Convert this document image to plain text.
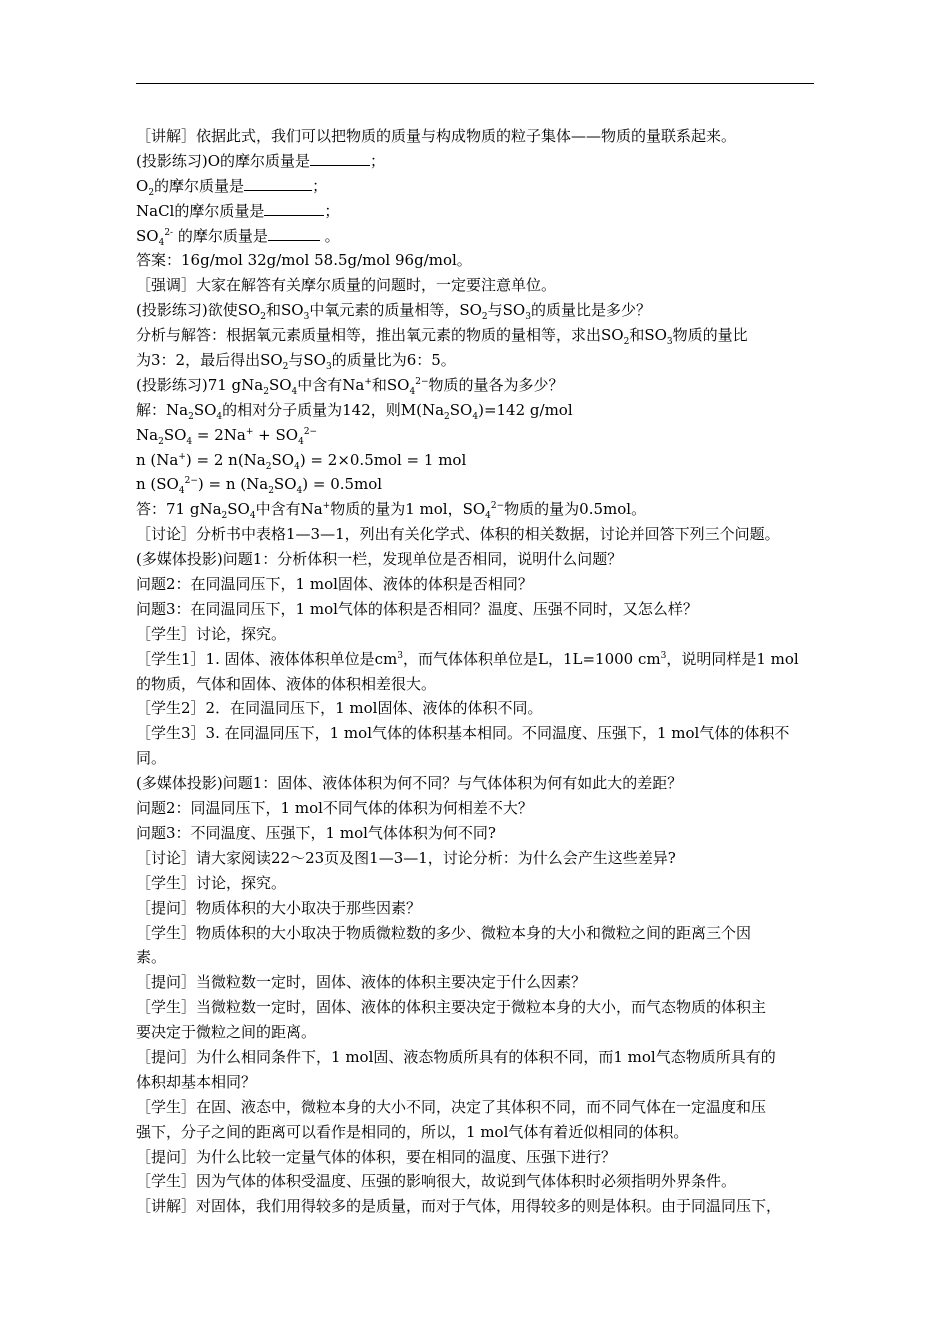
［讲解］依据此式，我们可以把物质的质量与构成物质的粒子集体——物质的量联系起来。
(投影练习)O的摩尔质量是	；
$O_2$的摩尔质量是	；
NaCl的摩尔质量是	；
$SO_4^{2-}$ 的摩尔质量是	。
答案：16g/mol 32g/mol 58.5g/mol 96g/mol。
［强调］大家在解答有关摩尔质量的问题时，一定要注意单位。
(投影练习)欲使$SO_2$和$SO_3$中氧元素的质量相等，$SO_2$与$SO_3$的质量比是多少？
分析与解答：根据氧元素质量相等，推出氧元素的物质的量相等，求出$SO_2$和$SO_3$物质的量比
为3：2，最后得出$SO_2$与$SO_3$的质量比为6：5。
(投影练习)71 $gNa_2SO_4$中含有Na+和$SO_4^{2-}$物质的量各为多少？
解：$Na_2SO_4$的相对分子质量为142，则$M(Na_2SO_4)=142$ g/mol
$Na_2SO_4 = 2Na^+ + SO_4^{2-}$
n (Na+) = 2 $n(Na_2SO_4) = 2\times 0.5mol = 1$ mol
n $(SO_4^{2-}) = n$ $(Na_2SO_4) = 0.5mol$
答：71 $gNa_2SO_4$中含有Na+物质的量为1 mol，$SO_4^{2-}$物质的量为0.5mol。
［讨论］分析书中表格1—3—1，列出有关化学式、体积的相关数据，讨论并回答下列三个问题。
(多媒体投影)问题1：分析体积一栏，发现单位是否相同，说明什么问题？
问题2：在同温同压下，1 mol固体、液体的体积是否相同？
问题3：在同温同压下，1 mol气体的体积是否相同？温度、压强不同时，又怎么样？
［学生］讨论，探究。
［学生1］1. 固体、液体体积单位是$cm^3$，而气体体积单位是L，1L=1000 $cm^3$，说明同样是1 mol
的物质，气体和固体、液体的体积相差很大。
［学生2］2．在同温同压下，1 mol固体、液体的体积不同。
［学生3］3. 在同温同压下，1 mol气体的体积基本相同。不同温度、压强下，1 mol气体的体积不
同。
(多媒体投影)问题1：固体、液体体积为何不同？与气体体积为何有如此大的差距？
问题2：同温同压下，1 mol不同气体的体积为何相差不大？
问题3：不同温度、压强下，1 mol气体体积为何不同?
［讨论］请大家阅读22～23页及图1—3—1，讨论分析：为什么会产生这些差异?
［学生］讨论，探究。
［提问］物质体积的大小取决于那些因素？
［学生］物质体积的大小取决于物质微粒数的多少、微粒本身的大小和微粒之间的距离三个因
素。
［提问］当微粒数一定时，固体、液体的体积主要决定于什么因素？
［学生］当微粒数一定时，固体、液体的体积主要决定于微粒本身的大小，而气态物质的体积主
要决定于微粒之间的距离。
［提问］为什么相同条件下，1 mol固、液态物质所具有的体积不同，而1 mol气态物质所具有的
体积却基本相同？
［学生］在固、液态中，微粒本身的大小不同，决定了其体积不同，而不同气体在一定温度和压
强下，分子之间的距离可以看作是相同的，所以，1 mol气体有着近似相同的体积。
［提问］为什么比较一定量气体的体积，要在相同的温度、压强下进行？
［学生］因为气体的体积受温度、压强的影响很大，故说到气体体积时必须指明外界条件。
［讲解］对固体，我们用得较多的是质量，而对于气体，用得较多的则是体积。由于同温同压下，
